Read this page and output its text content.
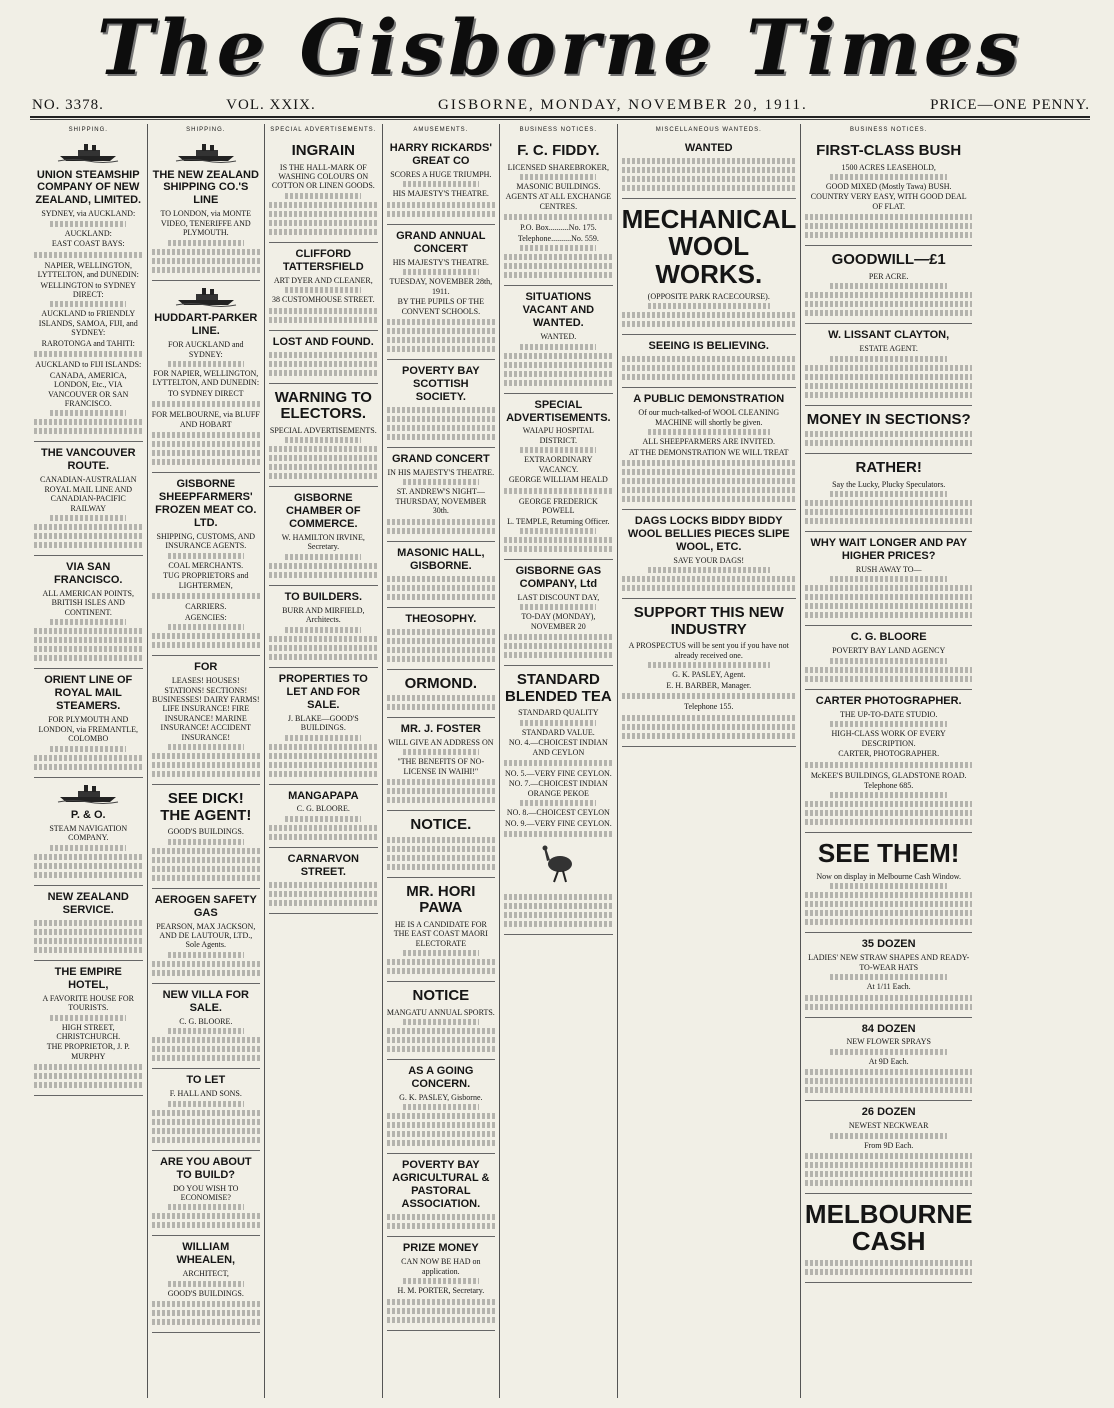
The Gisborne Times
NO. 3378.	VOL. XXIX.	GISBORNE, MONDAY, NOVEMBER 20, 1911.	PRICE—ONE PENNY.
SHIPPING.
UNION STEAMSHIP COMPANY OF NEW ZEALAND, LIMITED.

SYDNEY, via AUCKLAND:

AUCKLAND:

EAST COAST BAYS:

NAPIER, WELLINGTON, LYTTELTON, and DUNEDIN:

WELLINGTON to SYDNEY DIRECT:

AUCKLAND to FRIENDLY ISLANDS, SAMOA, FIJI, and SYDNEY:

RAROTONGA and TAHITI:

AUCKLAND to FIJI ISLANDS:

CANADA, AMERICA, LONDON, Etc., VIA VANCOUVER OR SAN FRANCISCO.

THE VANCOUVER ROUTE.

CANADIAN-AUSTRALIAN ROYAL MAIL LINE AND CANADIAN-PACIFIC RAILWAY

VIA SAN FRANCISCO.

ALL AMERICAN POINTS, BRITISH ISLES AND CONTINENT.

ORIENT LINE OF ROYAL MAIL STEAMERS.

FOR PLYMOUTH AND LONDON, via FREMANTLE, COLOMBO

P. & O.

STEAM NAVIGATION COMPANY.

NEW ZEALAND SERVICE.
THE EMPIRE HOTEL,

A FAVORITE HOUSE FOR TOURISTS.

HIGH STREET, CHRISTCHURCH.

THE PROPRIETOR, J. P. MURPHY

SHIPPING.
THE NEW ZEALAND SHIPPING CO.'S LINE

TO LONDON, via MONTE VIDEO, TENERIFFE AND PLYMOUTH.

HUDDART-PARKER LINE.

FOR AUCKLAND and SYDNEY:

FOR NAPIER, WELLINGTON, LYTTELTON, AND DUNEDIN:

TO SYDNEY DIRECT

FOR MELBOURNE, via BLUFF AND HOBART

GISBORNE SHEEPFARMERS' FROZEN MEAT CO. LTD.

SHIPPING, CUSTOMS, AND INSURANCE AGENTS.

COAL MERCHANTS.

TUG PROPRIETORS and LIGHTERMEN,

CARRIERS.

AGENCIES:

FOR

LEASES! HOUSES! STATIONS! SECTIONS! BUSINESSES! DAIRY FARMS! LIFE INSURANCE! FIRE INSURANCE! MARINE INSURANCE! ACCIDENT INSURANCE!

SEE DICK! THE AGENT!

GOOD'S BUILDINGS.

AEROGEN SAFETY GAS

PEARSON, MAX JACKSON, AND DE LAUTOUR, LTD., Sole Agents.

NEW VILLA FOR SALE.

C. G. BLOORE.

TO LET

F. HALL AND SONS.

ARE YOU ABOUT TO BUILD?

DO YOU WISH TO ECONOMISE?

WILLIAM WHEALEN,

ARCHITECT,

GOOD'S BUILDINGS.

SPECIAL ADVERTISEMENTS.
INGRAIN

IS THE HALL-MARK OF WASHING COLOURS ON COTTON OR LINEN GOODS.

CLIFFORD TATTERSFIELD

ART DYER AND CLEANER,

38 CUSTOMHOUSE STREET.

LOST AND FOUND.
WARNING TO ELECTORS.

SPECIAL ADVERTISEMENTS.

GISBORNE CHAMBER OF COMMERCE.

W. HAMILTON IRVINE, Secretary.

TO BUILDERS.

BURR AND MIRFIELD, Architects.

PROPERTIES TO LET AND FOR SALE.

J. BLAKE—GOOD'S BUILDINGS.

MANGAPAPA

C. G. BLOORE.

CARNARVON STREET.
AMUSEMENTS.
HARRY RICKARDS' GREAT CO

SCORES A HUGE TRIUMPH.

HIS MAJESTY'S THEATRE.

GRAND ANNUAL CONCERT

HIS MAJESTY'S THEATRE.

TUESDAY, NOVEMBER 28th, 1911.

BY THE PUPILS OF THE CONVENT SCHOOLS.

POVERTY BAY SCOTTISH SOCIETY.
GRAND CONCERT

IN HIS MAJESTY'S THEATRE.

ST. ANDREW'S NIGHT—THURSDAY, NOVEMBER 30th.

MASONIC HALL, GISBORNE.
THEOSOPHY.
ORMOND.
MR. J. FOSTER

WILL GIVE AN ADDRESS ON

"THE BENEFITS OF NO-LICENSE IN WAIHI!"

NOTICE.
MR. HORI PAWA

HE IS A CANDIDATE FOR THE EAST COAST MAORI ELECTORATE

NOTICE

MANGATU ANNUAL SPORTS.

AS A GOING CONCERN.

G. K. PASLEY, Gisborne.

POVERTY BAY AGRICULTURAL & PASTORAL ASSOCIATION.
PRIZE MONEY

CAN NOW BE HAD on application.

H. M. PORTER, Secretary.

BUSINESS NOTICES.
F. C. FIDDY.

LICENSED SHAREBROKER,

MASONIC BUILDINGS.

AGENTS AT ALL EXCHANGE CENTRES.

P.O. Box..........No. 175.

Telephone..........No. 559.

SITUATIONS VACANT AND WANTED.

WANTED.

SPECIAL ADVERTISEMENTS.

WAIAPU HOSPITAL DISTRICT.

EXTRAORDINARY VACANCY.

GEORGE WILLIAM HEALD

GEORGE FREDERICK POWELL

L. TEMPLE, Returning Officer.

GISBORNE GAS COMPANY, Ltd

LAST DISCOUNT DAY,

TO-DAY (MONDAY), NOVEMBER 20

STANDARD BLENDED TEA

STANDARD QUALITY

STANDARD VALUE.

NO. 4.—CHOICEST INDIAN AND CEYLON

NO. 5.—VERY FINE CEYLON.

NO. 7.—CHOICEST INDIAN ORANGE PEKOE

NO. 8.—CHOICEST CEYLON

NO. 9.—VERY FINE CEYLON.

MISCELLANEOUS WANTEDS.
WANTED
MECHANICAL WOOL WORKS.

(OPPOSITE PARK RACECOURSE).

SEEING IS BELIEVING.
A PUBLIC DEMONSTRATION

Of our much-talked-of WOOL CLEANING MACHINE will shortly be given.

ALL SHEEPFARMERS ARE INVITED.

AT THE DEMONSTRATION WE WILL TREAT

DAGS LOCKS BIDDY BIDDY WOOL BELLIES PIECES SLIPE WOOL, ETC.

SAVE YOUR DAGS!

SUPPORT THIS NEW INDUSTRY

A PROSPECTUS will be sent you if you have not already received one.

G. K. PASLEY, Agent.

E. H. BARBER, Manager.

Telephone 155.

BUSINESS NOTICES.
FIRST-CLASS BUSH

1500 ACRES LEASEHOLD,

GOOD MIXED (Mostly Tawa) BUSH.

COUNTRY VERY EASY, WITH GOOD DEAL OF FLAT.

GOODWILL—£1

PER ACRE.

W. LISSANT CLAYTON,

ESTATE AGENT.

MONEY IN SECTIONS?
RATHER!

Say the Lucky, Plucky Speculators.

WHY WAIT LONGER AND PAY HIGHER PRICES?

RUSH AWAY TO—

C. G. BLOORE

POVERTY BAY LAND AGENCY

CARTER PHOTOGRAPHER.

THE UP-TO-DATE STUDIO.

HIGH-CLASS WORK OF EVERY DESCRIPTION.

CARTER, PHOTOGRAPHER.

McKEE'S BUILDINGS, GLADSTONE ROAD.

Telephone 685.

SEE THEM!

Now on display in Melbourne Cash Window.

35 DOZEN

LADIES' NEW STRAW SHAPES AND READY-TO-WEAR HATS

At 1/11 Each.

84 DOZEN

NEW FLOWER SPRAYS

At 9D Each.

26 DOZEN

NEWEST NECKWEAR

From 9D Each.

MELBOURNE CASH
